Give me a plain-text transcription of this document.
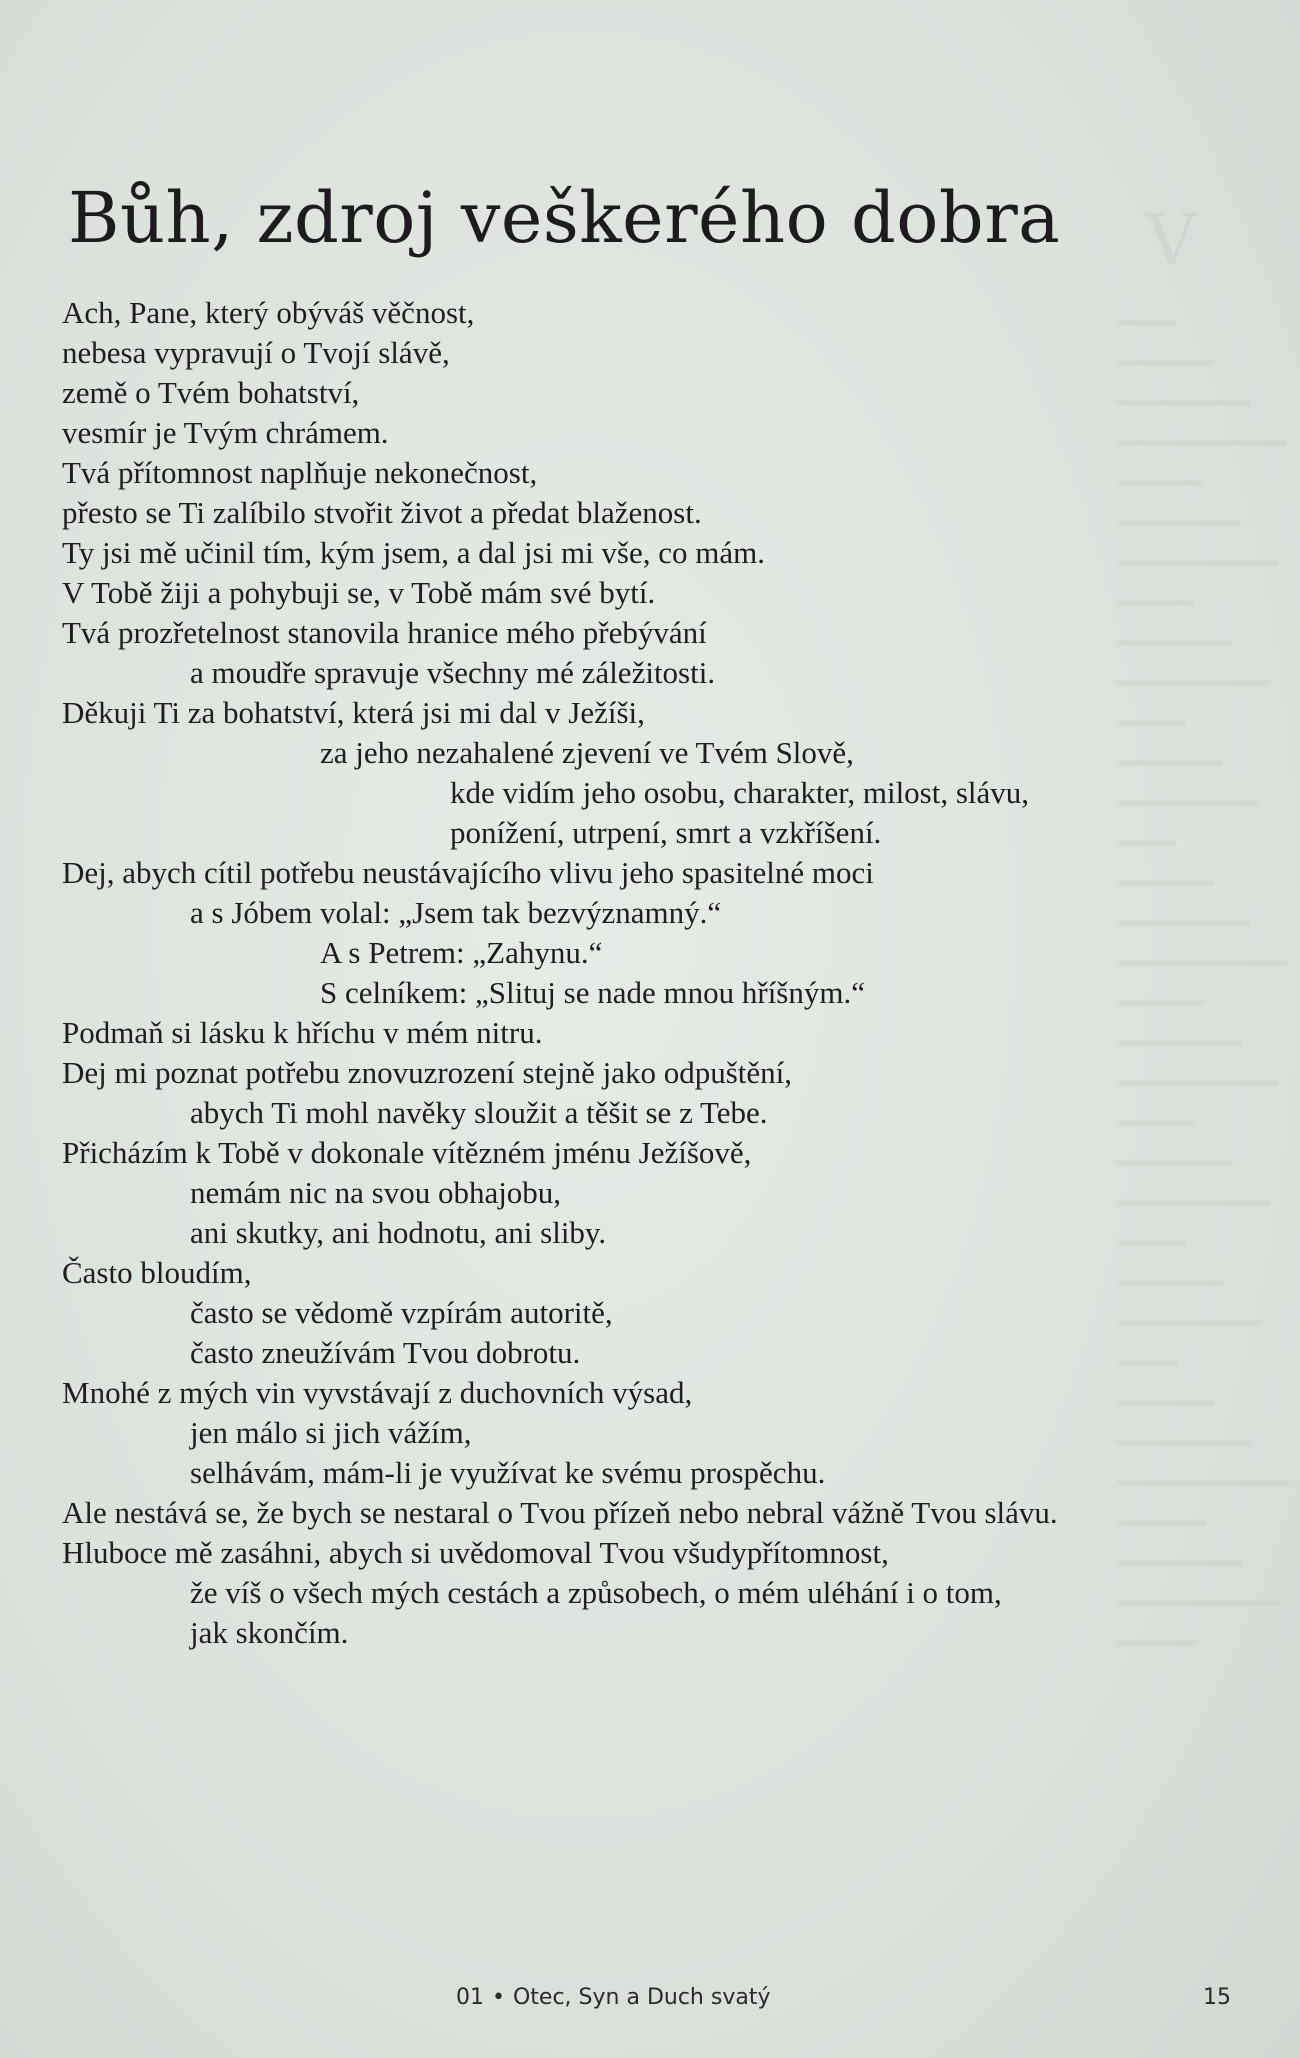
V
Bůh, zdroj veškerého dobra
Ach, Pane, který obýváš věčnost,
nebesa vypravují o Tvojí slávě,
země o Tvém bohatství,
vesmír je Tvým chrámem.
Tvá přítomnost naplňuje nekonečnost,
přesto se Ti zalíbilo stvořit život a předat blaženost.
Ty jsi mě učinil tím, kým jsem, a dal jsi mi vše, co mám.
V Tobě žiji a pohybuji se, v Tobě mám své bytí.
Tvá prozřetelnost stanovila hranice mého přebývání
a moudře spravuje všechny mé záležitosti.
Děkuji Ti za bohatství, která jsi mi dal v Ježíši,
za jeho nezahalené zjevení ve Tvém Slově,
kde vidím jeho osobu, charakter, milost, slávu,
ponížení, utrpení, smrt a vzkříšení.
Dej, abych cítil potřebu neustávajícího vlivu jeho spasitelné moci
a s Jóbem volal: „Jsem tak bezvýznamný.“
A s Petrem: „Zahynu.“
S celníkem: „Slituj se nade mnou hříšným.“
Podmaň si lásku k hříchu v mém nitru.
Dej mi poznat potřebu znovuzrození stejně jako odpuštění,
abych Ti mohl navěky sloužit a těšit se z Tebe.
Přicházím k Tobě v dokonale vítězném jménu Ježíšově,
nemám nic na svou obhajobu,
ani skutky, ani hodnotu, ani sliby.
Často bloudím,
často se vědomě vzpírám autoritě,
často zneužívám Tvou dobrotu.
Mnohé z mých vin vyvstávají z duchovních výsad,
jen málo si jich vážím,
selhávám, mám-li je využívat ke svému prospěchu.
Ale nestává se, že bych se nestaral o Tvou přízeň nebo nebral vážně Tvou slávu.
Hluboce mě zasáhni, abych si uvědomoval Tvou všudypřítomnost,
že víš o všech mých cestách a způsobech, o mém uléhání i o tom,
jak skončím.
01 • Otec, Syn a Duch svatý	15
